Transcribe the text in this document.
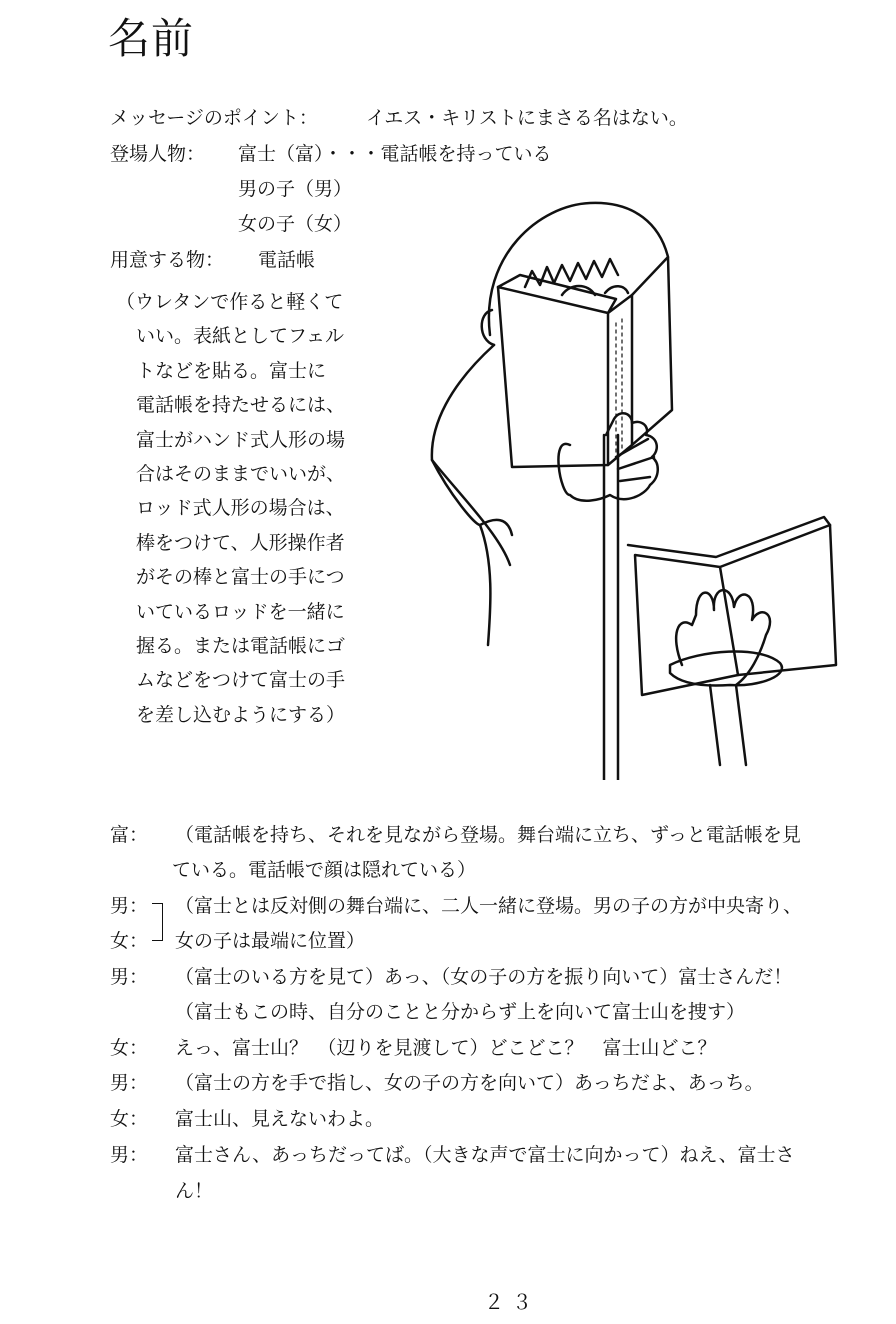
名前
メッセージのポイント：	イエス・キリストにまさる名はない。
登場人物： 富士（富）・・・電話帳を持っている
男の子（男）
女の子（女）
用意する物： 電話帳
（ウレタンで作ると軽くて
いい。表紙としてフェル
トなどを貼る。富士に
電話帳を持たせるには、
富士がハンド式人形の場
合はそのままでいいが、
ロッド式人形の場合は、
棒をつけて、人形操作者
がその棒と富士の手につ
いているロッドを一緒に
握る。または電話帳にゴ
ムなどをつけて富士の手
を差し込むようにする）
富： （電話帳を持ち、それを見ながら登場。舞台端に立ち、ずっと電話帳を見
ている。電話帳で顔は隠れている）
男： （富士とは反対側の舞台端に、二人一緒に登場。男の子の方が中央寄り、
女： 女の子は最端に位置）
男： （富士のいる方を見て）あっ、（女の子の方を振り向いて）富士さんだ！
（富士もこの時、自分のことと分からず上を向いて富士山を捜す）
女： えっ、富士山？　（辺りを見渡して）どこどこ？　富士山どこ？
男： （富士の方を手で指し、女の子の方を向いて）あっちだよ、あっち。
女： 富士山、見えないわよ。
男： 富士さん、あっちだってば。（大きな声で富士に向かって）ねえ、富士さ
ん！
２３
